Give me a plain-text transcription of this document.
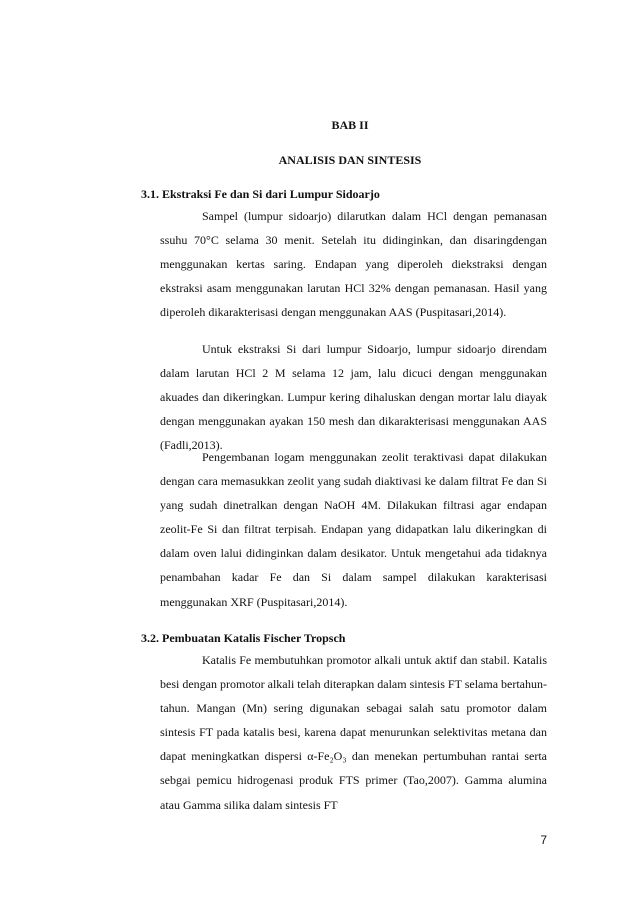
BAB II
ANALISIS DAN SINTESIS
3.1. Ekstraksi Fe dan Si dari Lumpur Sidoarjo

Sampel (lumpur sidoarjo) dilarutkan dalam HCl dengan pemanasan ssuhu 70°C selama 30 menit. Setelah itu didinginkan, dan disaringdengan menggunakan kertas saring. Endapan yang diperoleh diekstraksi dengan ekstraksi asam menggunakan larutan HCl 32% dengan pemanasan. Hasil yang diperoleh dikarakterisasi dengan menggunakan AAS (Puspitasari,2014).

Untuk ekstraksi Si dari lumpur Sidoarjo, lumpur sidoarjo direndam dalam larutan HCl 2 M selama 12 jam, lalu dicuci dengan menggunakan akuades dan dikeringkan. Lumpur kering dihaluskan dengan mortar lalu diayak dengan menggunakan ayakan 150 mesh dan dikarakterisasi menggunakan AAS (Fadli,2013).

Pengembanan logam menggunakan zeolit teraktivasi dapat dilakukan dengan cara memasukkan zeolit yang sudah diaktivasi ke dalam filtrat Fe dan Si yang sudah dinetralkan dengan NaOH 4M. Dilakukan filtrasi agar endapan zeolit-Fe Si dan filtrat terpisah. Endapan yang didapatkan lalu dikeringkan di dalam oven lalui didinginkan dalam desikator. Untuk mengetahui ada tidaknya penambahan kadar Fe dan Si dalam sampel dilakukan karakterisasi menggunakan XRF (Puspitasari,2014).

3.2. Pembuatan Katalis Fischer Tropsch

Katalis Fe membutuhkan promotor alkali untuk aktif dan stabil. Katalis besi dengan promotor alkali telah diterapkan dalam sintesis FT selama bertahun-tahun. Mangan (Mn) sering digunakan sebagai salah satu promotor dalam sintesis FT pada katalis besi, karena dapat menurunkan selektivitas metana dan dapat meningkatkan dispersi α-Fe₂O₃ dan menekan pertumbuhan rantai serta sebgai pemicu hidrogenasi produk FTS primer (Tao,2007). Gamma alumina atau Gamma silika dalam sintesis FT

7
